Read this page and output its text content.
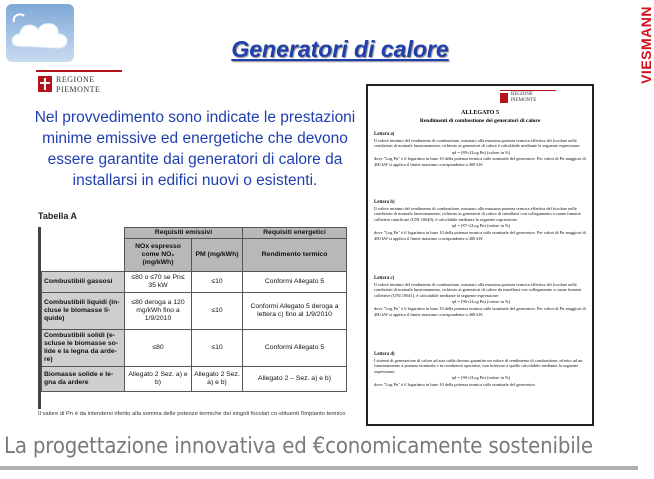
REGIONE
PIEMONTE
Generatori di calore
Nel provvedimento sono indicate le prestazioni minime emissive ed energetiche che devono essere garantite dai generatori di calore da installarsi in edifici nuovi o esistenti.
Tabella A
	Requisiti emissivi		Requisiti energetici
	NOx espresso come NO₂ (mg/kWh)	PM (mg/kWh)	Rendimento termico
Combustibili gassosi	≤80 o ≤70 se Pn≤ 35 kW	≤10	Conformi Allegato 5
Combustibili liquidi (in-cluse le biomasse li-quide)	≤80 deroga a 120 mg/kWh fino a 1/9/2010	≤10	Conformi Allegato 5 deroga a lettera c) fino al 1/9/2010
Combustibili solidi (e-scluse le biomasse so-lide e la legna da arde-re)	≤80	≤10	Conformi Allegato 5
Biomasse solide e le-gna da ardere	Allegato 2 Sez. a) e b)	Allegato 2 Sez. a) e b)	Allegato 2 – Sez. a) e b)
Il valore di Pn è da intendersi riferito alla somma delle potenze termiche dei singoli focolari co-stituenti l'impianto termico
REGIONE
PIEMONTE
ALLEGATO 5
Rendimenti di combustione dei generatori di calore
Lettera a)
Il valore minimo del rendimento di combustione, misurato alla massima potenza termica effettiva del focolare nelle condizioni di normale funzionamento, richiesto ai generatori di calore è calcolabile mediante la seguente espressione:
ηd = (89+2Log Pn) (valore in %)
dove "Log Pn" è il logaritmo in base 10 della potenza termica utile nominale del generatore. Per valori di Pn maggiori di 400 kW si applica il limite massimo corrispondente a 400 kW.
Lettera b)
Il valore minimo del rendimento di combustione, misurato alla massima potenza termica effettiva del focolare nelle condizioni di normale funzionamento, richiesto ai generatori di calore di installarsi con collegamento a canne fumarie collettive ramificate (UNI 10640), è calcolabile mediante la seguente espressione:
ηd = (87+2Log Pn) (valore in %)
dove "Log Pn" è il logaritmo in base 10 della potenza termica utile nominale del generatore. Per valori di Pn maggiori di 400 kW si applica il limite massimo corrispondente a 400 kW.
Lettera c)
Il valore minimo del rendimento di combustione, misurato alla massima potenza termica effettiva del focolare nelle condizioni di normale funzionamento, richiesto ai generatori di calore da installarsi con collegamento a canne fumarie collettive (UNI 10641), è calcolabile mediante la seguente espressione:
ηd = (90+2Log Pn) (valore in %)
dove "Log Pn" è il logaritmo in base 10 della potenza termica utile nominale del generatore. Per valori di Pn maggiori di 400 kW si applica il limite massimo corrispondente a 400 kW.
Lettera d)
I sistemi di generazione di calore ad aria calda devono garantire un valore di rendimento di combustione, riferito ad un funzionamento a potenza nominale e in condizioni operative, non inferiore a quello calcolabile mediante la seguente espressione:
ηd = (90+2Log Pn) (valore in %)
dove "Log Pn" è il logaritmo in base 10 della potenza termica utile nominale del generatore.
VIESMANN
La progettazione innovativa ed €conomicamente sostenibile
